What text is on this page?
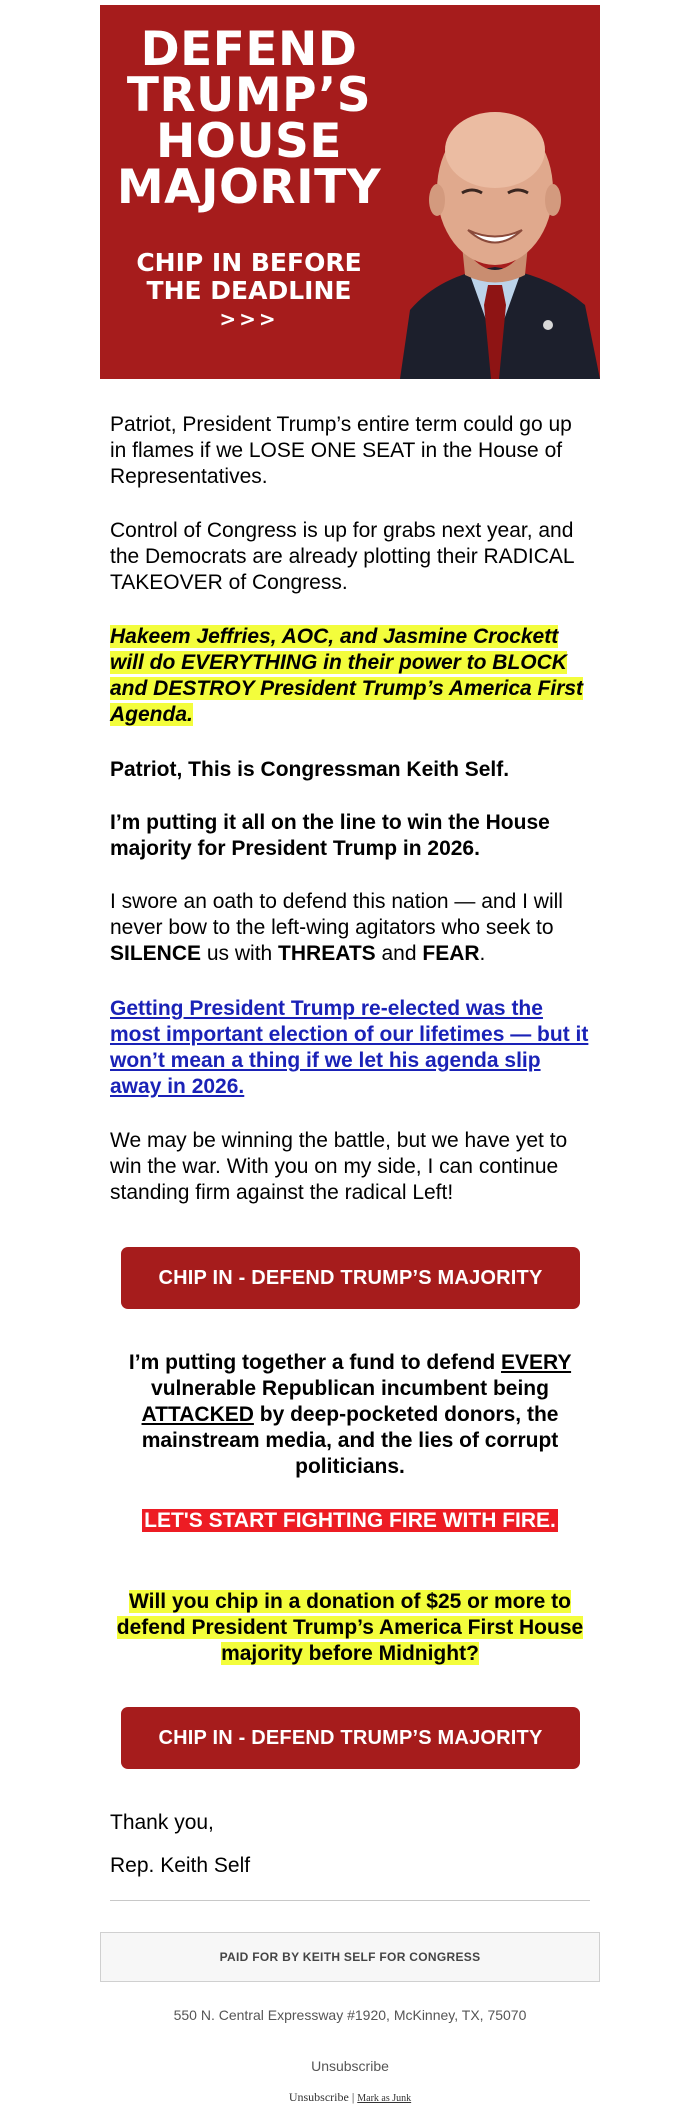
DEFEND
TRUMP’S
HOUSE
MAJORITY
CHIP IN BEFORE
THE DEADLINE
>>>

Patriot, President Trump’s entire term could go up in flames if we LOSE ONE SEAT in the House of Representatives.

Control of Congress is up for grabs next year, and the Democrats are already plotting their RADICAL TAKEOVER of Congress.

Hakeem Jeffries, AOC, and Jasmine Crockett will do EVERYTHING in their power to BLOCK and DESTROY President Trump’s America First Agenda.

Patriot, This is Congressman Keith Self.

I’m putting it all on the line to win the House majority for President Trump in 2026.

I swore an oath to defend this nation — and I will never bow to the left-wing agitators who seek to SILENCE us with THREATS and FEAR.

Getting President Trump re-elected was the most important election of our lifetimes — but it won’t mean a thing if we let his agenda slip away in 2026.

We may be winning the battle, but we have yet to win the war. With you on my side, I can continue standing firm against the radical Left!

CHIP IN - DEFEND TRUMP’S MAJORITY
I’m putting together a fund to defend EVERY vulnerable Republican incumbent being ATTACKED by deep-pocketed donors, the mainstream media, and the lies of corrupt politicians.
LET'S START FIGHTING FIRE WITH FIRE.
Will you chip in a donation of $25 or more to defend President Trump’s America First House majority before Midnight?
CHIP IN - DEFEND TRUMP’S MAJORITY
Thank you,
Rep. Keith Self
PAID FOR BY KEITH SELF FOR CONGRESS
550 N. Central Expressway #1920, McKinney, TX, 75070
Unsubscribe
Unsubscribe | Mark as Junk
